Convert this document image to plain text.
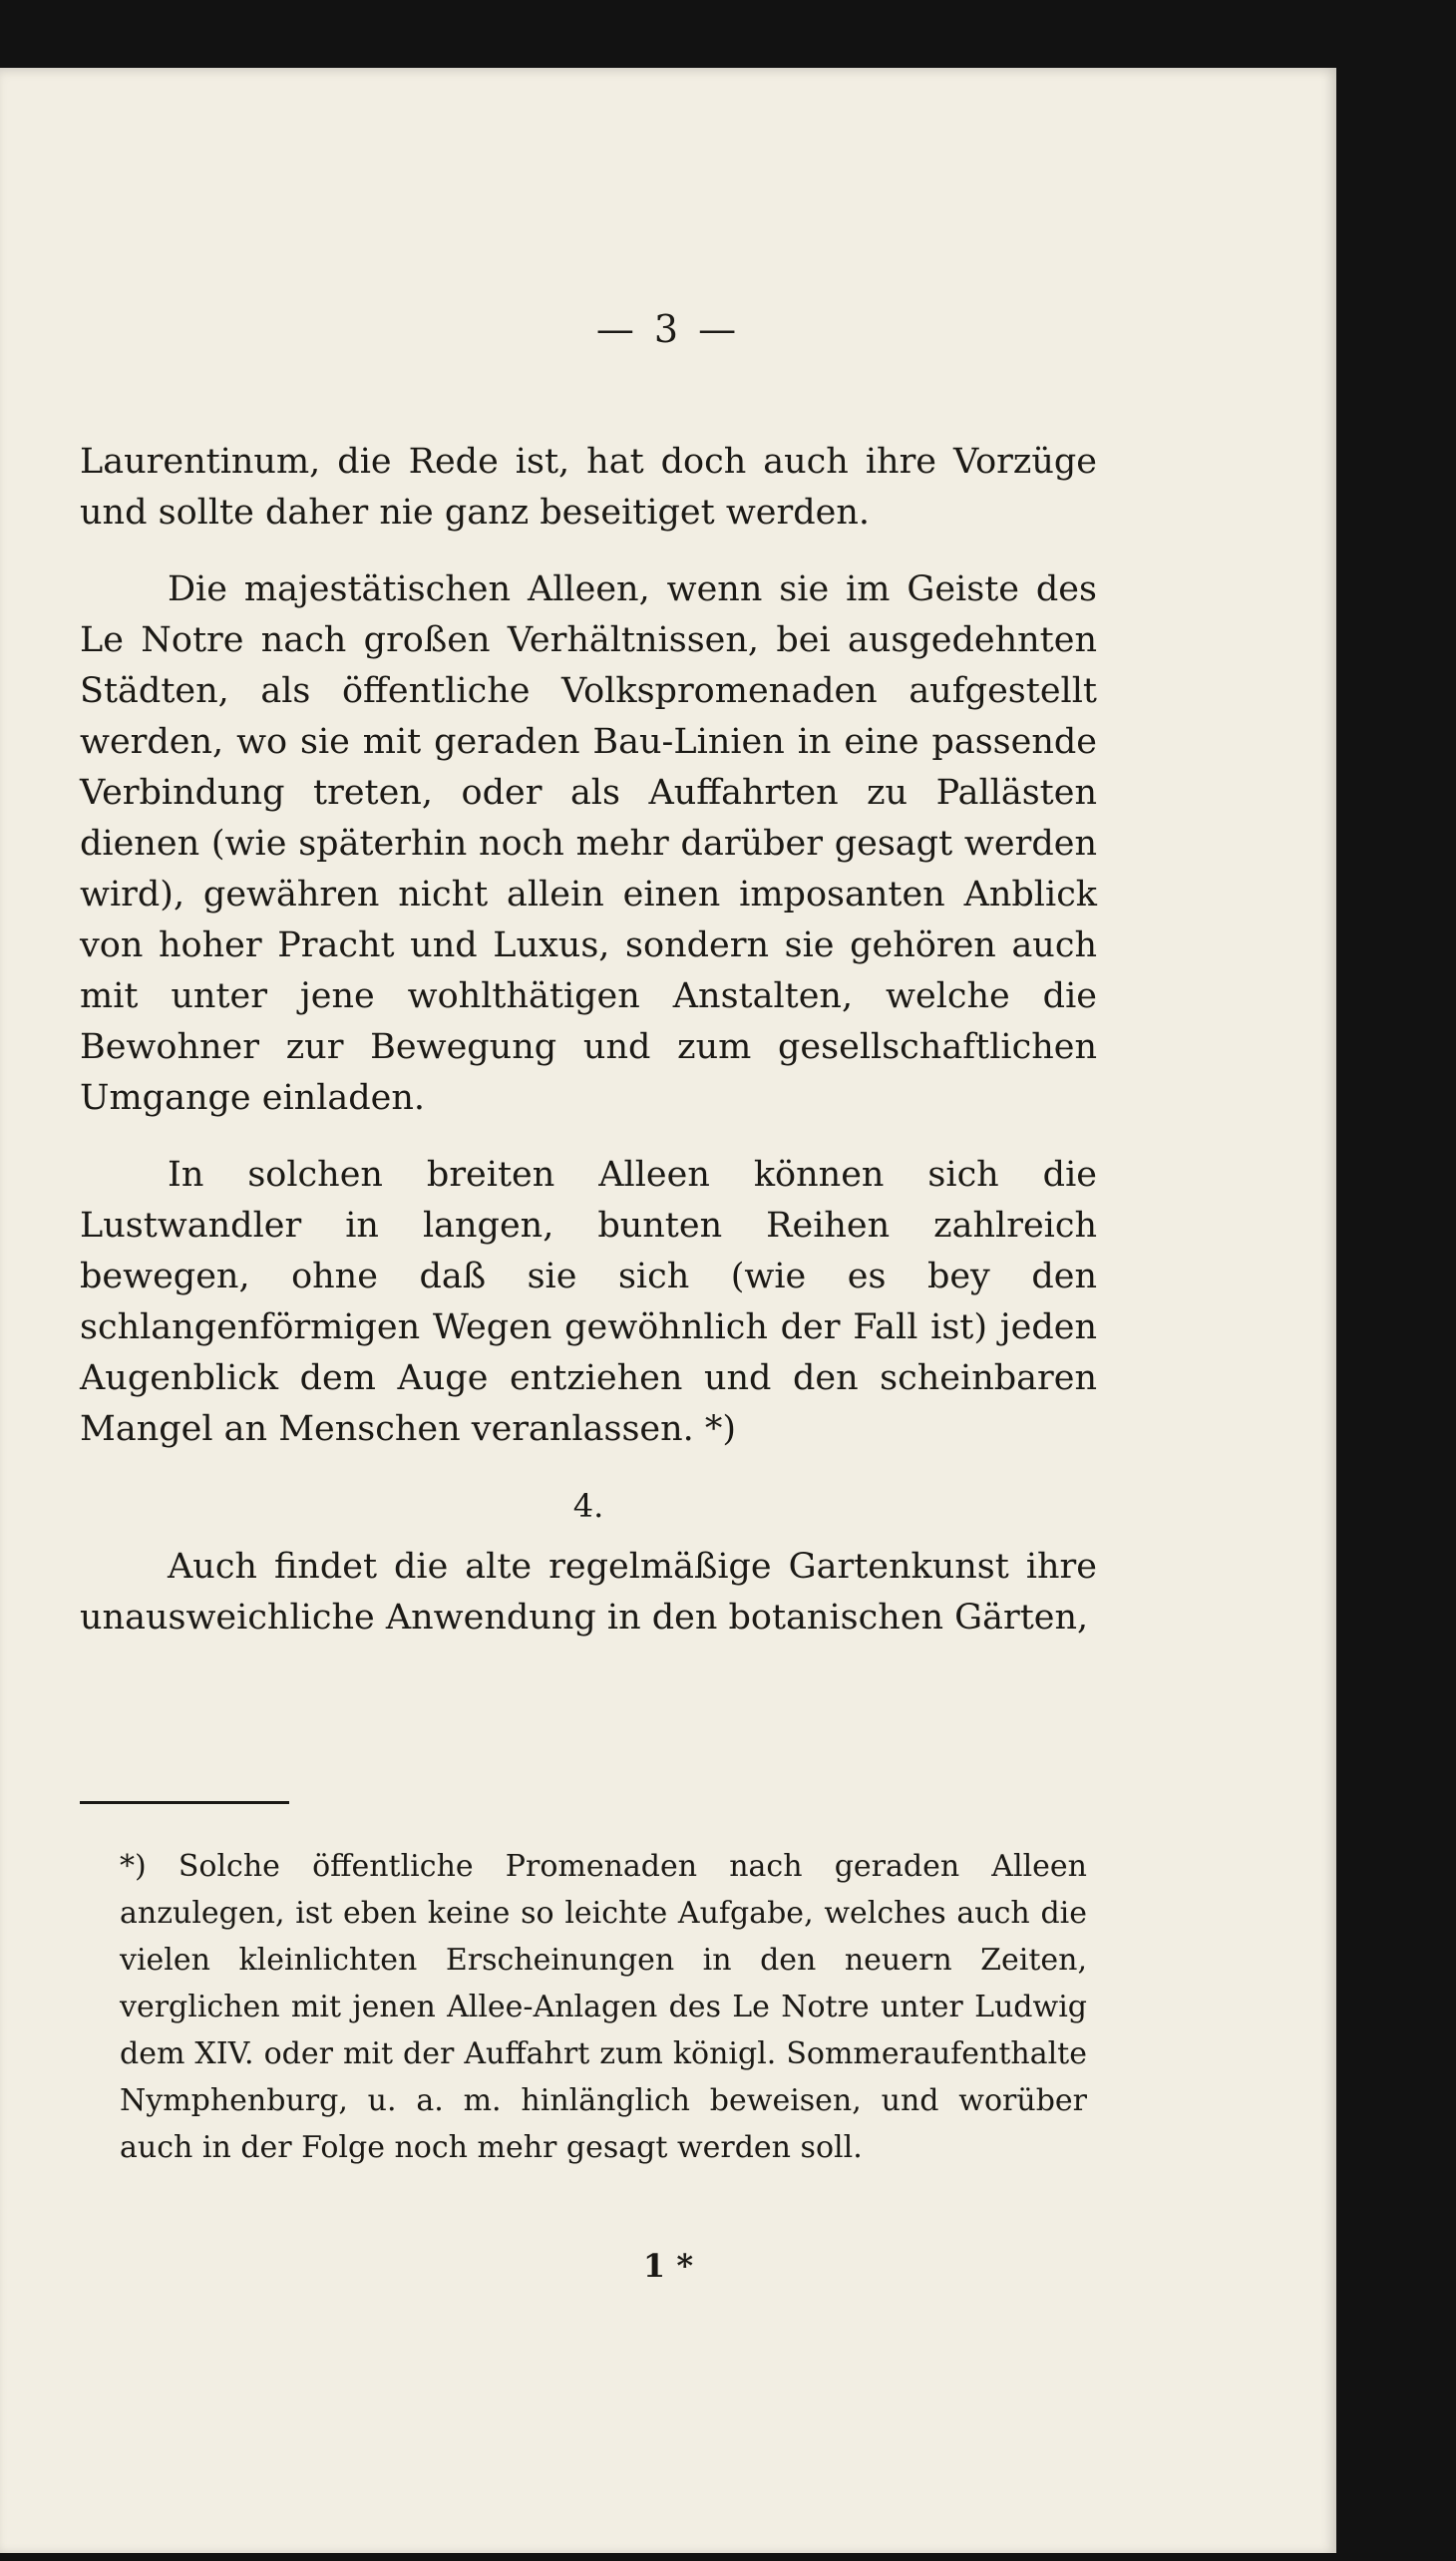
— 3 —

Laurentinum, die Rede ist, hat doch auch ihre Vorzüge und sollte daher nie ganz beseitiget werden.

Die majestätischen Alleen, wenn sie im Geiste des Le Notre nach großen Verhältnissen, bei ausgedehnten Städten, als öffentliche Volkspromenaden aufgestellt werden, wo sie mit geraden Bau-Linien in eine passende Verbindung treten, oder als Auffahrten zu Pallästen dienen (wie späterhin noch mehr darüber gesagt werden wird), gewähren nicht allein einen imposanten Anblick von hoher Pracht und Luxus, sondern sie gehören auch mit unter jene wohlthätigen Anstalten, welche die Bewohner zur Bewegung und zum gesellschaftlichen Umgange einladen.

In solchen breiten Alleen können sich die Lustwandler in langen, bunten Reihen zahlreich bewegen, ohne daß sie sich (wie es bey den schlangenförmigen Wegen gewöhnlich der Fall ist) jeden Augenblick dem Auge entziehen und den scheinbaren Mangel an Menschen veranlassen. *)

4.

Auch findet die alte regelmäßige Gartenkunst ihre unausweichliche Anwendung in den botanischen Gärten,

*) Solche öffentliche Promenaden nach geraden Alleen anzulegen, ist eben keine so leichte Aufgabe, welches auch die vielen kleinlichten Erscheinungen in den neuern Zeiten, verglichen mit jenen Allee-Anlagen des Le Notre unter Ludwig dem XIV. oder mit der Auffahrt zum königl. Sommeraufenthalte Nymphenburg, u. a. m. hinlänglich beweisen, und worüber auch in der Folge noch mehr gesagt werden soll.
1 *
